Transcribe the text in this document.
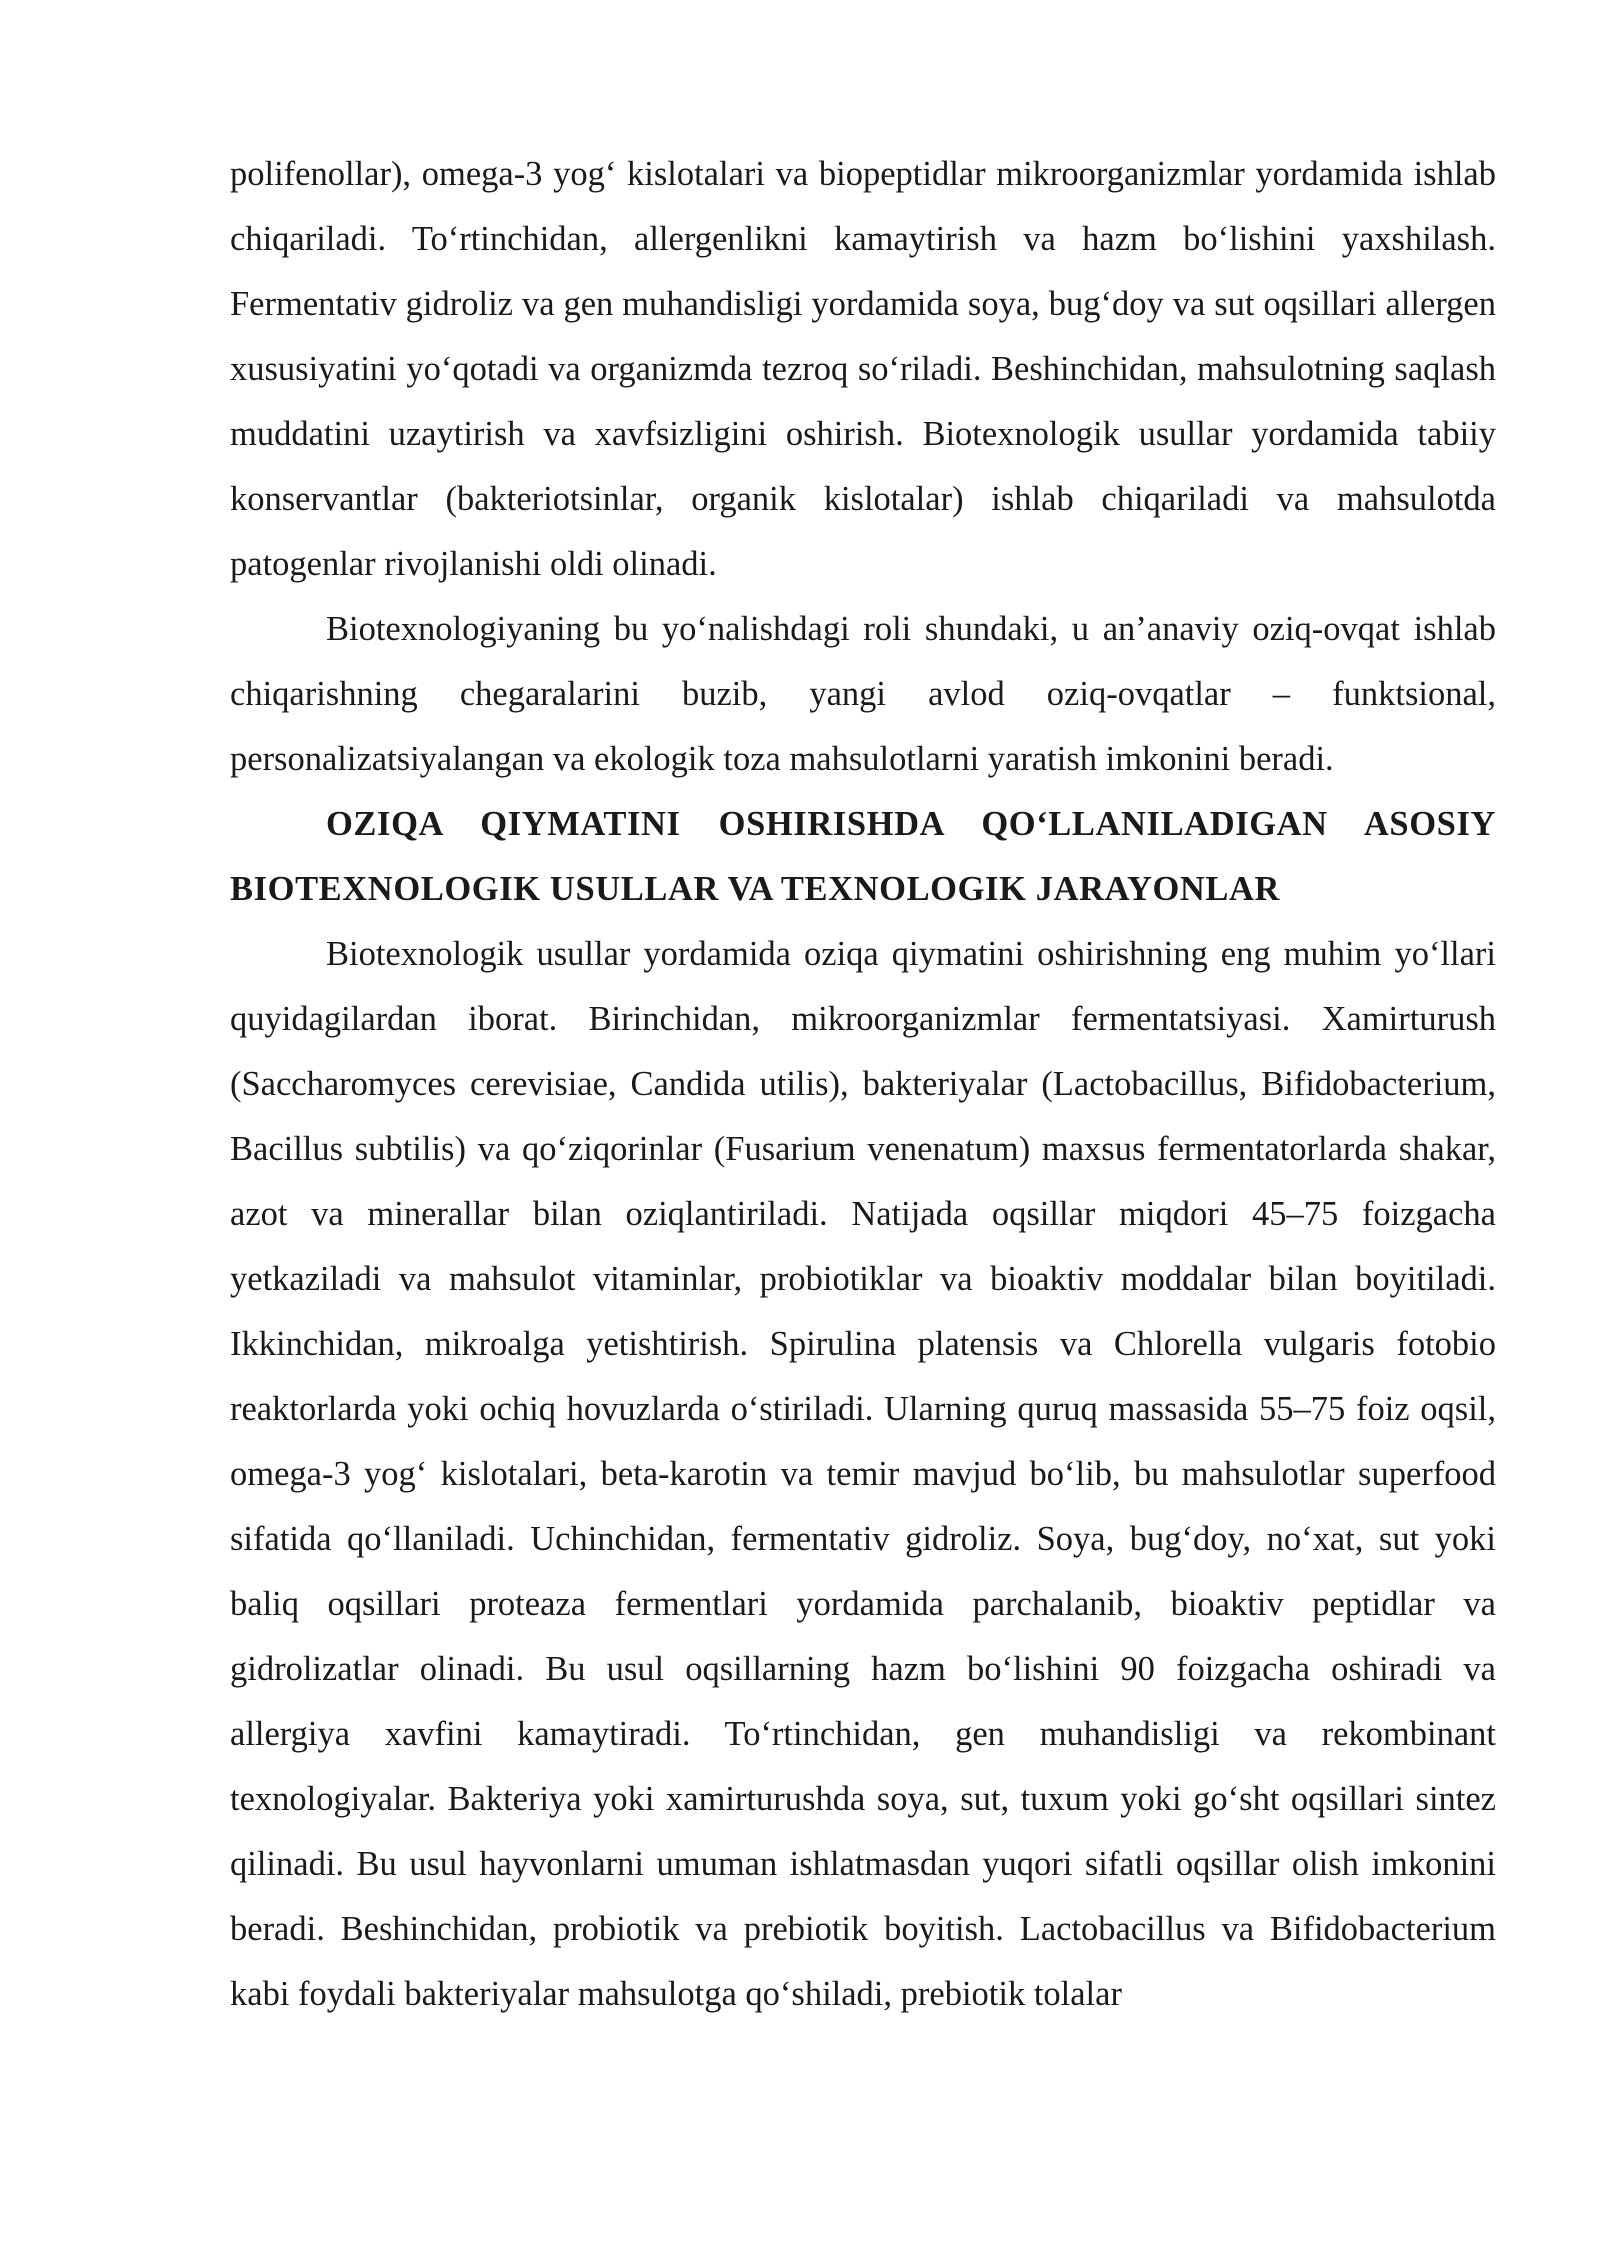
polifenollar), omega-3 yog‘ kislotalari va biopeptidlar mikroorganizmlar yordamida ishlab chiqariladi. To‘rtinchidan, allergenlikni kamaytirish va hazm bo‘lishini yaxshilash. Fermentativ gidroliz va gen muhandisligi yordamida soya, bug‘doy va sut oqsillari allergen xususiyatini yo‘qotadi va organizmda tezroq so‘riladi. Beshinchidan, mahsulotning saqlash muddatini uzaytirish va xavfsizligini oshirish. Biotexnologik usullar yordamida tabiiy konservantlar (bakteriotsinlar, organik kislotalar) ishlab chiqariladi va mahsulotda patogenlar rivojlanishi oldi olinadi.

Biotexnologiyaning bu yo‘nalishdagi roli shundaki, u an’anaviy oziq-ovqat ishlab chiqarishning chegaralarini buzib, yangi avlod oziq-ovqatlar – funktsional, personalizatsiyalangan va ekologik toza mahsulotlarni yaratish imkonini beradi.

OZIQA QIYMATINI OSHIRISHDA QO‘LLANILADIGAN ASOSIY BIOTEXNOLOGIK USULLAR VA TEXNOLOGIK JARAYONLAR

Biotexnologik usullar yordamida oziqa qiymatini oshirishning eng muhim yo‘llari quyidagilardan iborat. Birinchidan, mikroorganizmlar fermentatsiyasi. Xamirturush (Saccharomyces cerevisiae, Candida utilis), bakteriyalar (Lactobacillus, Bifidobacterium, Bacillus subtilis) va qo‘ziqorinlar (Fusarium venenatum) maxsus fermentatorlarda shakar, azot va minerallar bilan oziqlantiriladi. Natijada oqsillar miqdori 45–75 foizgacha yetkaziladi va mahsulot vitaminlar, probiotiklar va bioaktiv moddalar bilan boyitiladi. Ikkinchidan, mikroalga yetishtirish. Spirulina platensis va Chlorella vulgaris fotobio reaktorlarda yoki ochiq hovuzlarda o‘stiriladi. Ularning quruq massasida 55–75 foiz oqsil, omega-3 yog‘ kislotalari, beta-karotin va temir mavjud bo‘lib, bu mahsulotlar superfood sifatida qo‘llaniladi. Uchinchidan, fermentativ gidroliz. Soya, bug‘doy, no‘xat, sut yoki baliq oqsillari proteaza fermentlari yordamida parchalanib, bioaktiv peptidlar va gidrolizatlar olinadi. Bu usul oqsillarning hazm bo‘lishini 90 foizgacha oshiradi va allergiya xavfini kamaytiradi. To‘rtinchidan, gen muhandisligi va rekombinant texnologiyalar. Bakteriya yoki xamirturushda soya, sut, tuxum yoki go‘sht oqsillari sintez qilinadi. Bu usul hayvonlarni umuman ishlatmasdan yuqori sifatli oqsillar olish imkonini beradi. Beshinchidan, probiotik va prebiotik boyitish. Lactobacillus va Bifidobacterium kabi foydali bakteriyalar mahsulotga qo‘shiladi, prebiotik tolalar
